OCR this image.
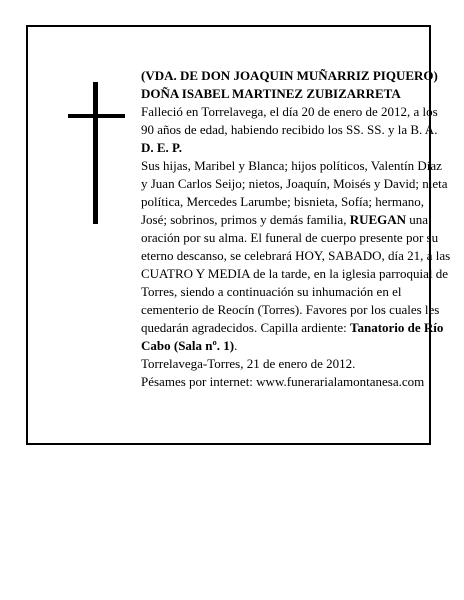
(VDA. DE DON JOAQUIN MUÑARRIZ PIQUERO)

DOÑA ISABEL MARTINEZ ZUBIZARRETA

Falleció en Torrelavega, el día 20 de enero de 2012, a los 90 años de edad, habiendo recibido los SS. SS. y la B. A.

D. E. P.

Sus hijas, Maribel y Blanca; hijos políticos, Valentín Díaz y Juan Carlos Seijo; nietos, Joaquín, Moisés y David; nieta política, Mercedes Larumbe; bisnieta, Sofía; hermano, José; sobrinos, primos y demás familia, RUEGAN una oración por su alma. El funeral de cuerpo presente por su eterno descanso, se celebrará HOY, SABADO, día 21, a las CUATRO Y MEDIA de la tarde, en la iglesia parroquial de Torres, siendo a continuación su inhumación en el cementerio de Reocín (Torres). Favores por los cuales les quedarán agradecidos. Capilla ardiente: Tanatorio de Río Cabo (Sala nº. 1).

Torrelavega-Torres, 21 de enero de 2012.

Pésames por internet: www.funerarialamontanesa.com
